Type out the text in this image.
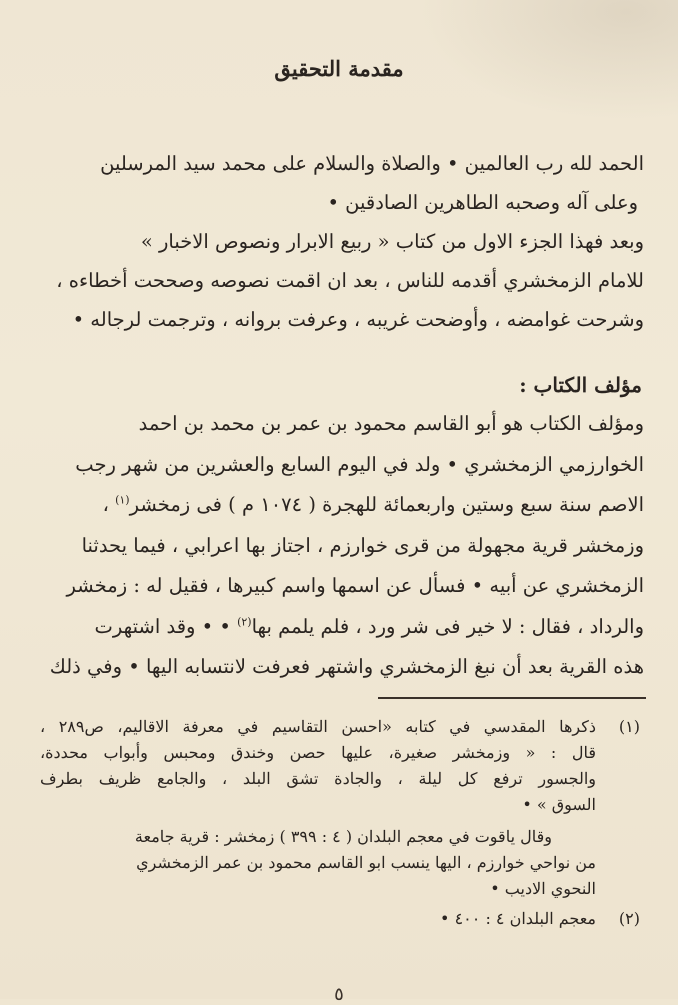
مقدمة التحقيق
الحمد لله رب العالمين • والصلاة والسلام على محمد سيد المرسلين
وعلى آله وصحبه الطاهرين الصادقين •
وبعد فهذا الجزء الاول من كتاب « ربيع الابرار ونصوص الاخبار »
للامام الزمخشري أقدمه للناس ، بعد ان اقمت نصوصه وصححت أخطاءه ،
وشرحت غوامضه ، وأوضحت غريبه ، وعرفت بروانه ، وترجمت لرجاله •
مؤلف الكتاب :
ومؤلف الكتاب هو أبو القاسم محمود بن عمر بن محمد بن احمد
الخوارزمي الزمخشري • ولد في اليوم السابع والعشرين من شهر رجب
الاصم سنة سبع وستين واربعمائة للهجرة ( ١٠٧٤ م ) فى زمخشر$^{(١)}$ ،
وزمخشر قرية مجهولة من قرى خوارزم ، اجتاز بها اعرابي ، فيما يحدثنا
الزمخشري عن أبيه • فسأل عن اسمها واسم كبيرها ، فقيل له : زمخشر
والرداد ، فقال : لا خير فى شر ورد ، فلم يلمم بها$^{(٢)}$ • • وقد اشتهرت
هذه القرية بعد أن نبغ الزمخشري واشتهر فعرفت لانتسابه اليها • وفي ذلك
(١)
ذكرها المقدسي في كتابه «احسن التقاسيم في معرفة الاقاليم، ص٢٨٩ ،
قال : « وزمخشر صغيرة، عليها حصن وخندق ومحبس وأبواب محددة،
والجسور ترفع كل ليلة ، والجادة تشق البلد ، والجامع ظريف بطرف
السوق » •
وقال ياقوت في معجم البلدان ( ٤ : ٣٩٩ ) زمخشر : قرية جامعة
من نواحي خوارزم ، اليها ينسب ابو القاسم محمود بن عمر الزمخشري
النحوي الاديب •
(٢)
معجم البلدان ٤ : ٤٠٠ •
٥
